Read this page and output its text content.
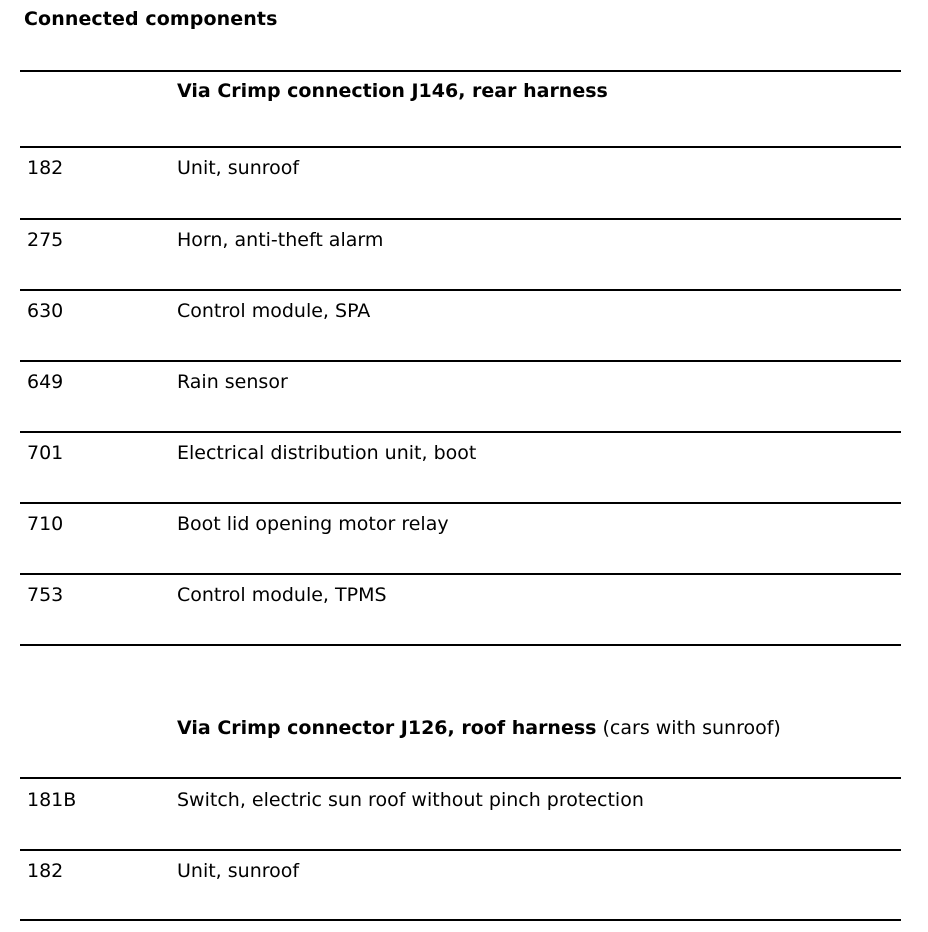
Connected components
Via Crimp connection J146, rear harness
182	Unit, sunroof
275	Horn, anti-theft alarm
630	Control module, SPA
649	Rain sensor
701	Electrical distribution unit, boot
710	Boot lid opening motor relay
753	Control module, TPMS
Via Crimp connector J126, roof harness (cars with sunroof)
181B	Switch, electric sun roof without pinch protection
182	Unit, sunroof
